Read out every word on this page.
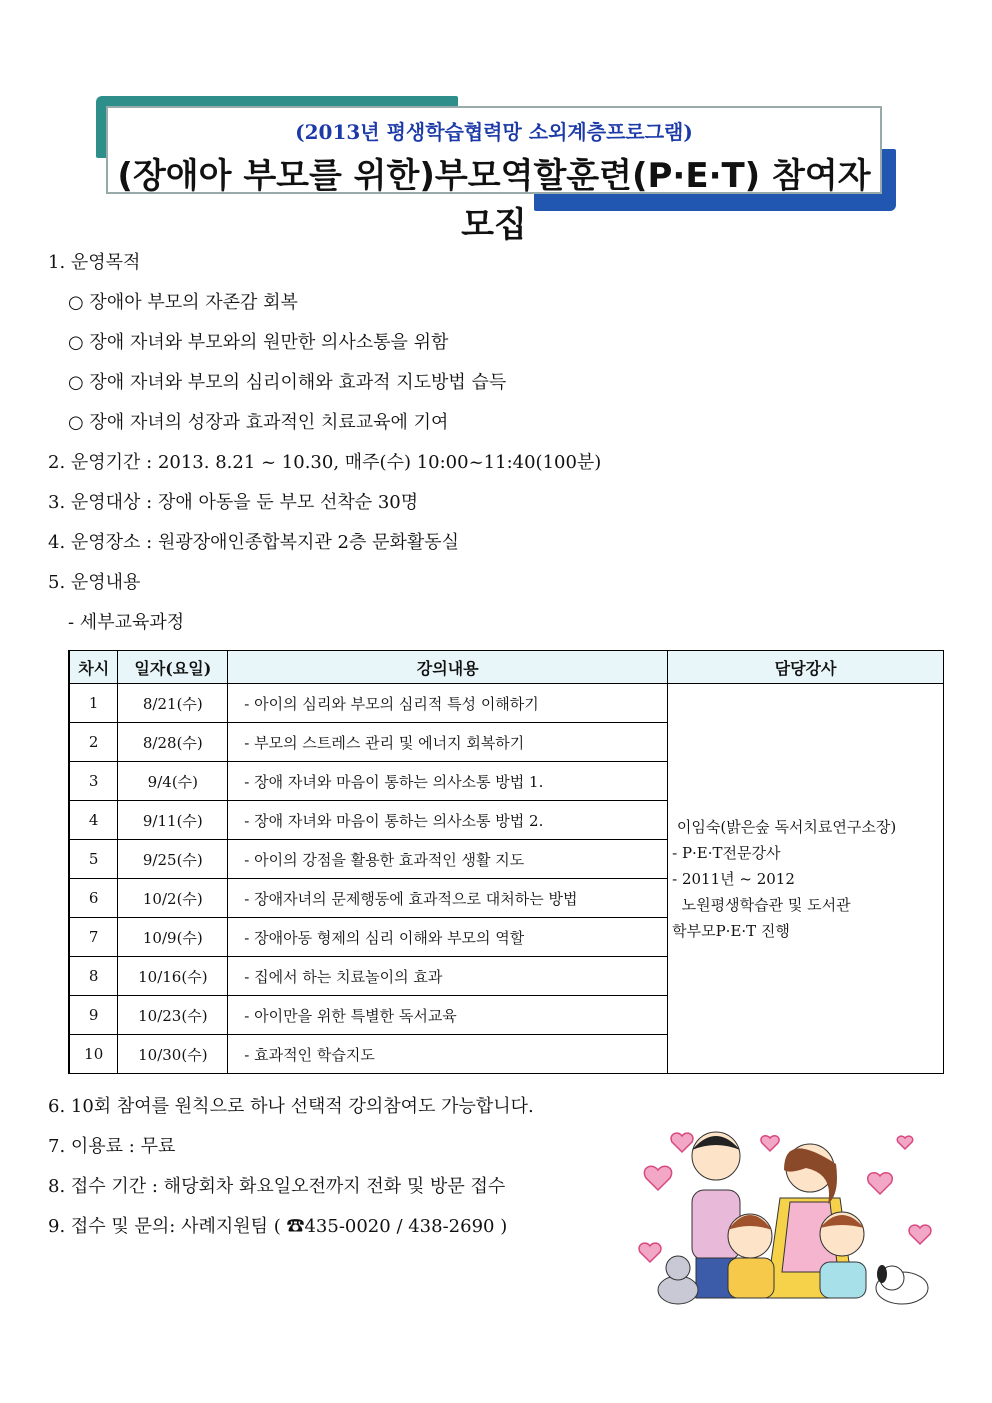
(2013년 평생학습협력망 소외계층프로그램)
(장애아 부모를 위한)부모역할훈련(P·E·T) 참여자 모집
1. 운영목적
○ 장애아 부모의 자존감 회복
○ 장애 자녀와 부모와의 원만한 의사소통을 위함
○ 장애 자녀와 부모의 심리이해와 효과적 지도방법 습득
○ 장애 자녀의 성장과 효과적인 치료교육에 기여
2. 운영기간 : 2013. 8.21 ~ 10.30, 매주(수) 10:00~11:40(100분)
3. 운영대상 : 장애 아동을 둔 부모 선착순 30명
4. 운영장소 : 원광장애인종합복지관 2층 문화활동실
5. 운영내용
- 세부교육과정
차시	일자(요일)	강의내용	담당강사
1	8/21(수)	- 아이의 심리와 부모의 심리적 특성 이해하기	이임숙(밝은숲 독서치료연구소장)
- P·E·T전문강사
- 2011년 ~ 2012
노원평생학습관 및 도서관
학부모P·E·T 진행

2	8/28(수)	- 부모의 스트레스 관리 및 에너지 회복하기	
3	9/4(수)	- 장애 자녀와 마음이 통하는 의사소통 방법 1.	
4	9/11(수)	- 장애 자녀와 마음이 통하는 의사소통 방법 2.	
5	9/25(수)	- 아이의 강점을 활용한 효과적인 생활 지도	
6	10/2(수)	- 장애자녀의 문제행동에 효과적으로 대처하는 방법	
7	10/9(수)	- 장애아동 형제의 심리 이해와 부모의 역할	
8	10/16(수)	- 집에서 하는 치료놀이의 효과	
9	10/23(수)	- 아이만을 위한 특별한 독서교육	
10	10/30(수)	- 효과적인 학습지도	
6. 10회 참여를 원칙으로 하나 선택적 강의참여도 가능합니다.
7. 이용료 : 무료
8. 접수 기간 : 해당회차 화요일오전까지 전화 및 방문 접수
9. 접수 및 문의: 사례지원팀 ( ☎435-0020 / 438-2690 )
